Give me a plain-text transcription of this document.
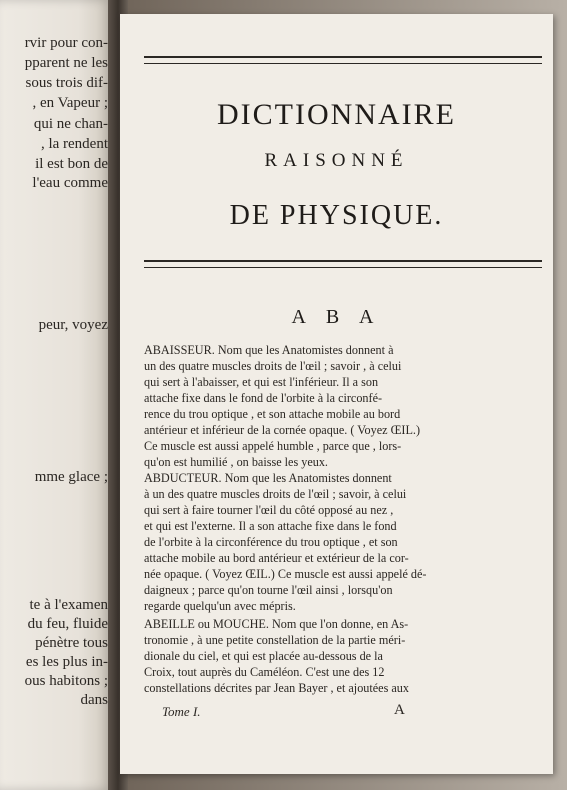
rvir pour con-
pparent ne les
sous trois dif-
, en Vapeur ;
qui ne chan-
, la rendent
il est bon de
l'eau comme
peur, voyez
mme glace ;
te à l'examen
du feu, fluide
pénètre tous
es les plus in-
ous habitons ;
dans
DICTIONNAIRE
RAISONNÉ
DE PHYSIQUE.
A B A
ABAISSEUR. Nom que les Anatomistes donnent à
un des quatre muscles droits de l'œil ; savoir , à celui
qui sert à l'abaisser, et qui est l'inférieur. Il a son
attache fixe dans le fond de l'orbite à la circonfé-
rence du trou optique , et son attache mobile au bord
antérieur et inférieur de la cornée opaque. ( Voyez ŒIL.)
Ce muscle est aussi appelé humble , parce que , lors-
qu'on est humilié , on baisse les yeux.
ABDUCTEUR. Nom que les Anatomistes donnent
à un des quatre muscles droits de l'œil ; savoir, à celui
qui sert à faire tourner l'œil du côté opposé au nez ,
et qui est l'externe. Il a son attache fixe dans le fond
de l'orbite à la circonférence du trou optique , et son
attache mobile au bord antérieur et extérieur de la cor-
née opaque. ( Voyez ŒIL.) Ce muscle est aussi appelé dé-
daigneux ; parce qu'on tourne l'œil ainsi , lorsqu'on
regarde quelqu'un avec mépris.
ABEILLE ou MOUCHE. Nom que l'on donne, en As-
tronomie , à une petite constellation de la partie méri-
dionale du ciel, et qui est placée au-dessous de la
Croix, tout auprès du Caméléon. C'est une des 12
constellations décrites par Jean Bayer , et ajoutées aux
Tome I.	A
